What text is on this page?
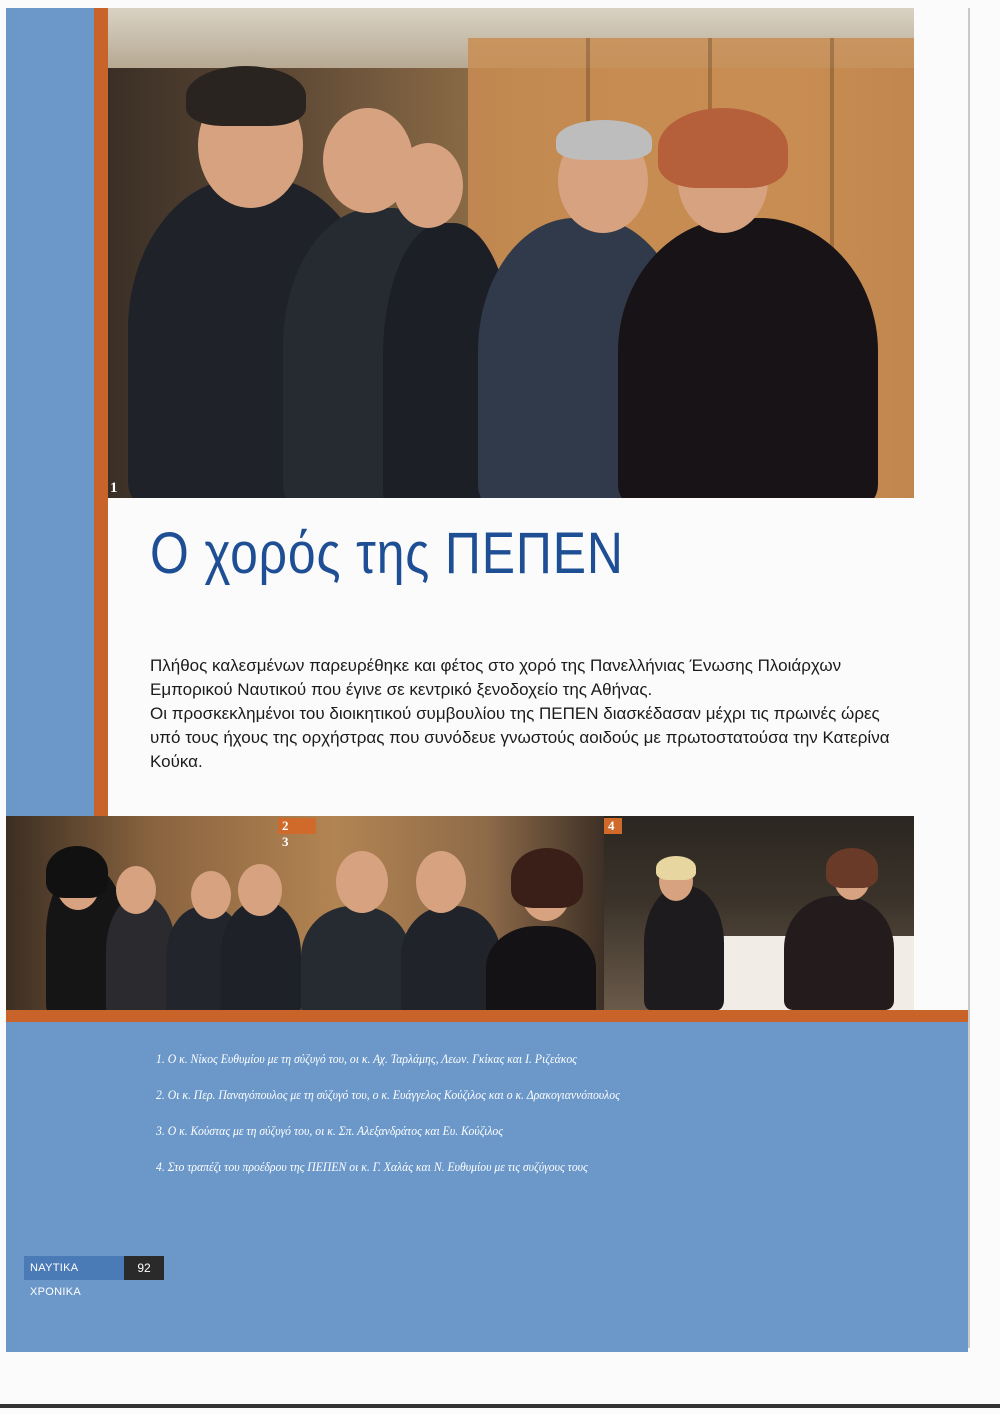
1
Ο χορός της ΠΕΠΕΝ

Πλήθος καλεσμένων παρευρέθηκε και φέτος στο χορό της Πανελλήνιας Ένωσης Πλοιάρχων Εμπορικού Ναυτικού που έγινε σε κεντρικό ξενοδοχείο της Αθήνας.

Οι προσκεκλημένοι του διοικητικού συμβουλίου της ΠΕΠΕΝ διασκέδασαν μέχρι τις πρωινές ώρες υπό τους ήχους της ορχήστρας που συνόδευε γνωστούς αοιδούς με πρωτοστατούσα την Κατερίνα Κούκα.

2 3
4
1. Ο κ. Νίκος Ευθυμίου με τη σύζυγό του, οι κ. Αχ. Ταρλάμης, Λεων. Γκίκας και Ι. Ριζεάκος
2. Οι κ. Περ. Παναγόπουλος με τη σύζυγό του, ο κ. Ευάγγελος Κούζιλος και ο κ. Δρακογιαννόπουλος
3. Ο κ. Κούστας με τη σύζυγό του, οι κ. Σπ. Αλεξανδράτος και Ευ. Κούζιλος
4. Στο τραπέζι του προέδρου της ΠΕΠΕΝ οι κ. Γ. Χαλάς και Ν. Ευθυμίου με τις συζύγους τους
ΝΑΥΤΙΚΑ ΧΡΟΝΙΚΑ
92
